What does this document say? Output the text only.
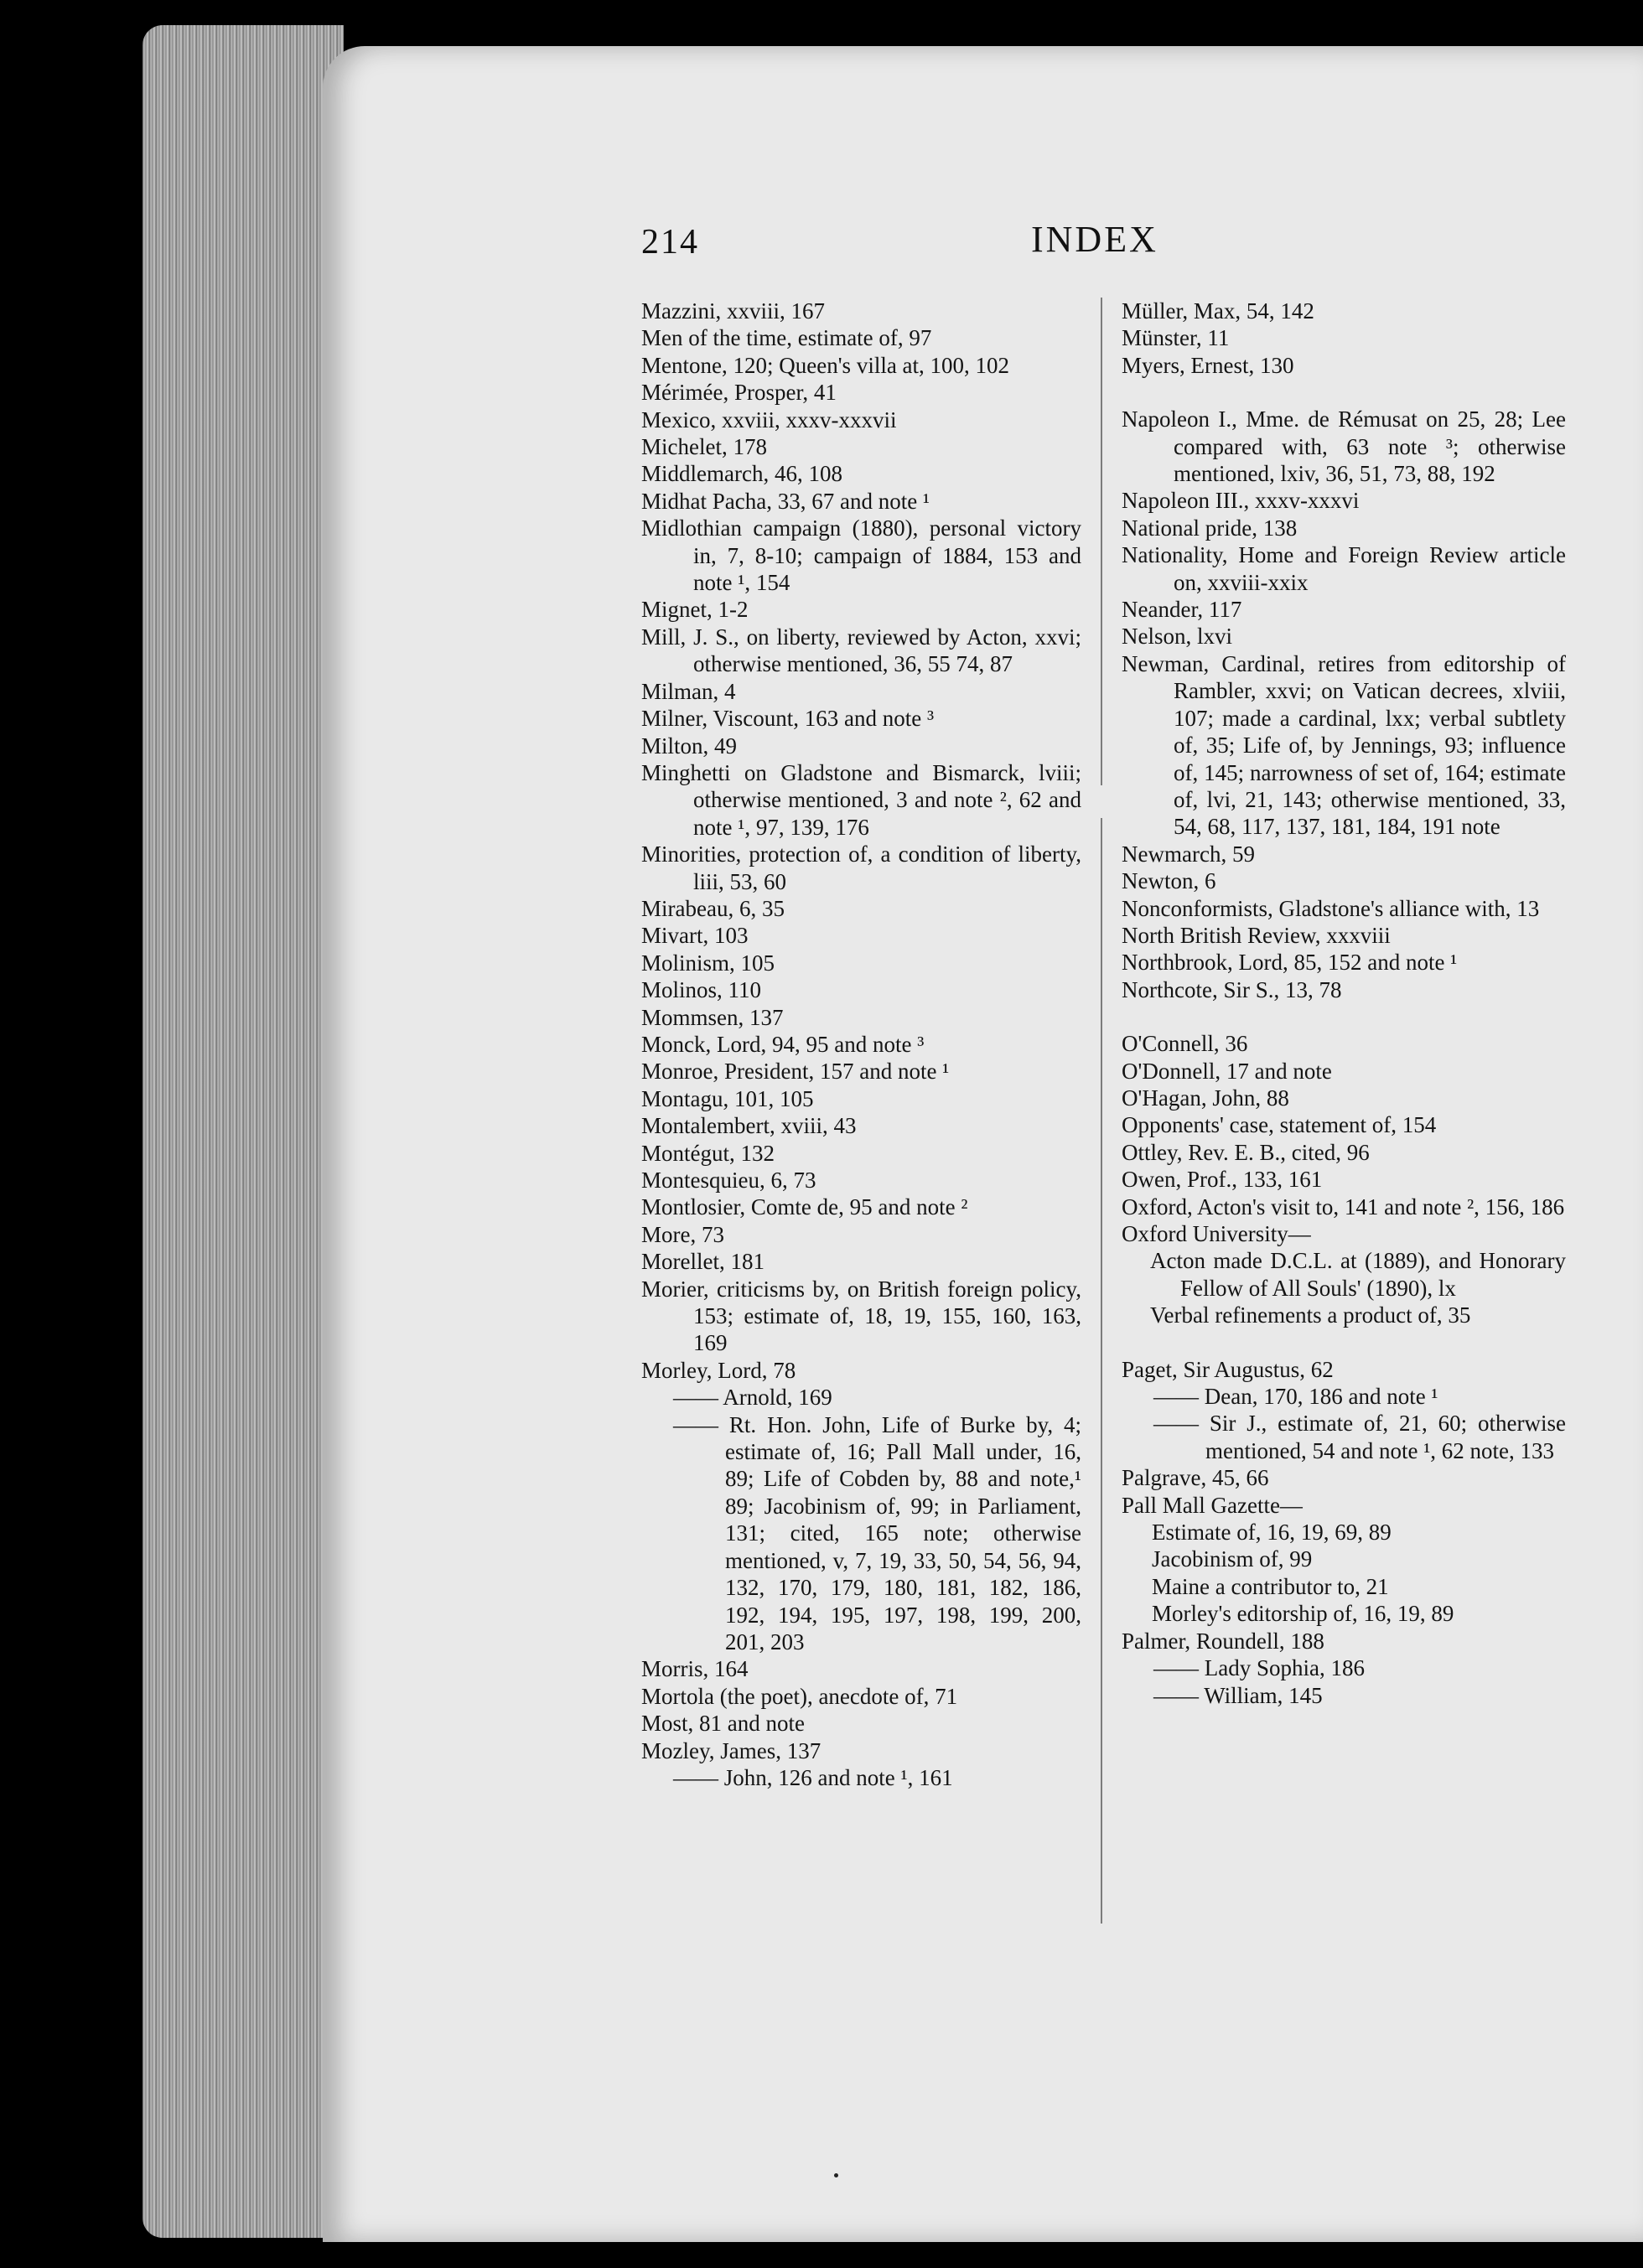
214	INDEX
Mazzini, xxviii, 167
Men of the time, estimate of, 97
Mentone, 120; Queen's villa at, 100, 102
Mérimée, Prosper, 41
Mexico, xxviii, xxxv-xxxvii
Michelet, 178
Middlemarch, 46, 108
Midhat Pacha, 33, 67 and note ¹
Midlothian campaign (1880), personal victory in, 7, 8-10; campaign of 1884, 153 and note ¹, 154
Mignet, 1-2
Mill, J. S., on liberty, reviewed by Acton, xxvi; otherwise mentioned, 36, 55 74, 87
Milman, 4
Milner, Viscount, 163 and note ³
Milton, 49
Minghetti on Gladstone and Bismarck, lviii; otherwise mentioned, 3 and note ², 62 and note ¹, 97, 139, 176
Minorities, protection of, a condition of liberty, liii, 53, 60
Mirabeau, 6, 35
Mivart, 103
Molinism, 105
Molinos, 110
Mommsen, 137
Monck, Lord, 94, 95 and note ³
Monroe, President, 157 and note ¹
Montagu, 101, 105
Montalembert, xviii, 43
Montégut, 132
Montesquieu, 6, 73
Montlosier, Comte de, 95 and note ²
More, 73
Morellet, 181
Morier, criticisms by, on British foreign policy, 153; estimate of, 18, 19, 155, 160, 163, 169
Morley, Lord, 78
—— Arnold, 169
—— Rt. Hon. John, Life of Burke by, 4; estimate of, 16; Pall Mall under, 16, 89; Life of Cobden by, 88 and note,¹ 89; Jacobinism of, 99; in Parliament, 131; cited, 165 note; otherwise mentioned, v, 7, 19, 33, 50, 54, 56, 94, 132, 170, 179, 180, 181, 182, 186, 192, 194, 195, 197, 198, 199, 200, 201, 203
Morris, 164
Mortola (the poet), anecdote of, 71
Most, 81 and note
Mozley, James, 137
—— John, 126 and note ¹, 161
Müller, Max, 54, 142
Münster, 11
Myers, Ernest, 130
Napoleon I., Mme. de Rémusat on 25, 28; Lee compared with, 63 note ³; otherwise mentioned, lxiv, 36, 51, 73, 88, 192
Napoleon III., xxxv-xxxvi
National pride, 138
Nationality, Home and Foreign Review article on, xxviii-xxix
Neander, 117
Nelson, lxvi
Newman, Cardinal, retires from editorship of Rambler, xxvi; on Vatican decrees, xlviii, 107; made a cardinal, lxx; verbal subtlety of, 35; Life of, by Jennings, 93; influence of, 145; narrowness of set of, 164; estimate of, lvi, 21, 143; otherwise mentioned, 33, 54, 68, 117, 137, 181, 184, 191 note
Newmarch, 59
Newton, 6
Nonconformists, Gladstone's alliance with, 13
North British Review, xxxviii
Northbrook, Lord, 85, 152 and note ¹
Northcote, Sir S., 13, 78
O'Connell, 36
O'Donnell, 17 and note
O'Hagan, John, 88
Opponents' case, statement of, 154
Ottley, Rev. E. B., cited, 96
Owen, Prof., 133, 161
Oxford, Acton's visit to, 141 and note ², 156, 186
Oxford University—
Acton made D.C.L. at (1889), and Honorary Fellow of All Souls' (1890), lx
Verbal refinements a product of, 35
Paget, Sir Augustus, 62
—— Dean, 170, 186 and note ¹
—— Sir J., estimate of, 21, 60; otherwise mentioned, 54 and note ¹, 62 note, 133
Palgrave, 45, 66
Pall Mall Gazette—
Estimate of, 16, 19, 69, 89
Jacobinism of, 99
Maine a contributor to, 21
Morley's editorship of, 16, 19, 89
Palmer, Roundell, 188
—— Lady Sophia, 186
—— William, 145
